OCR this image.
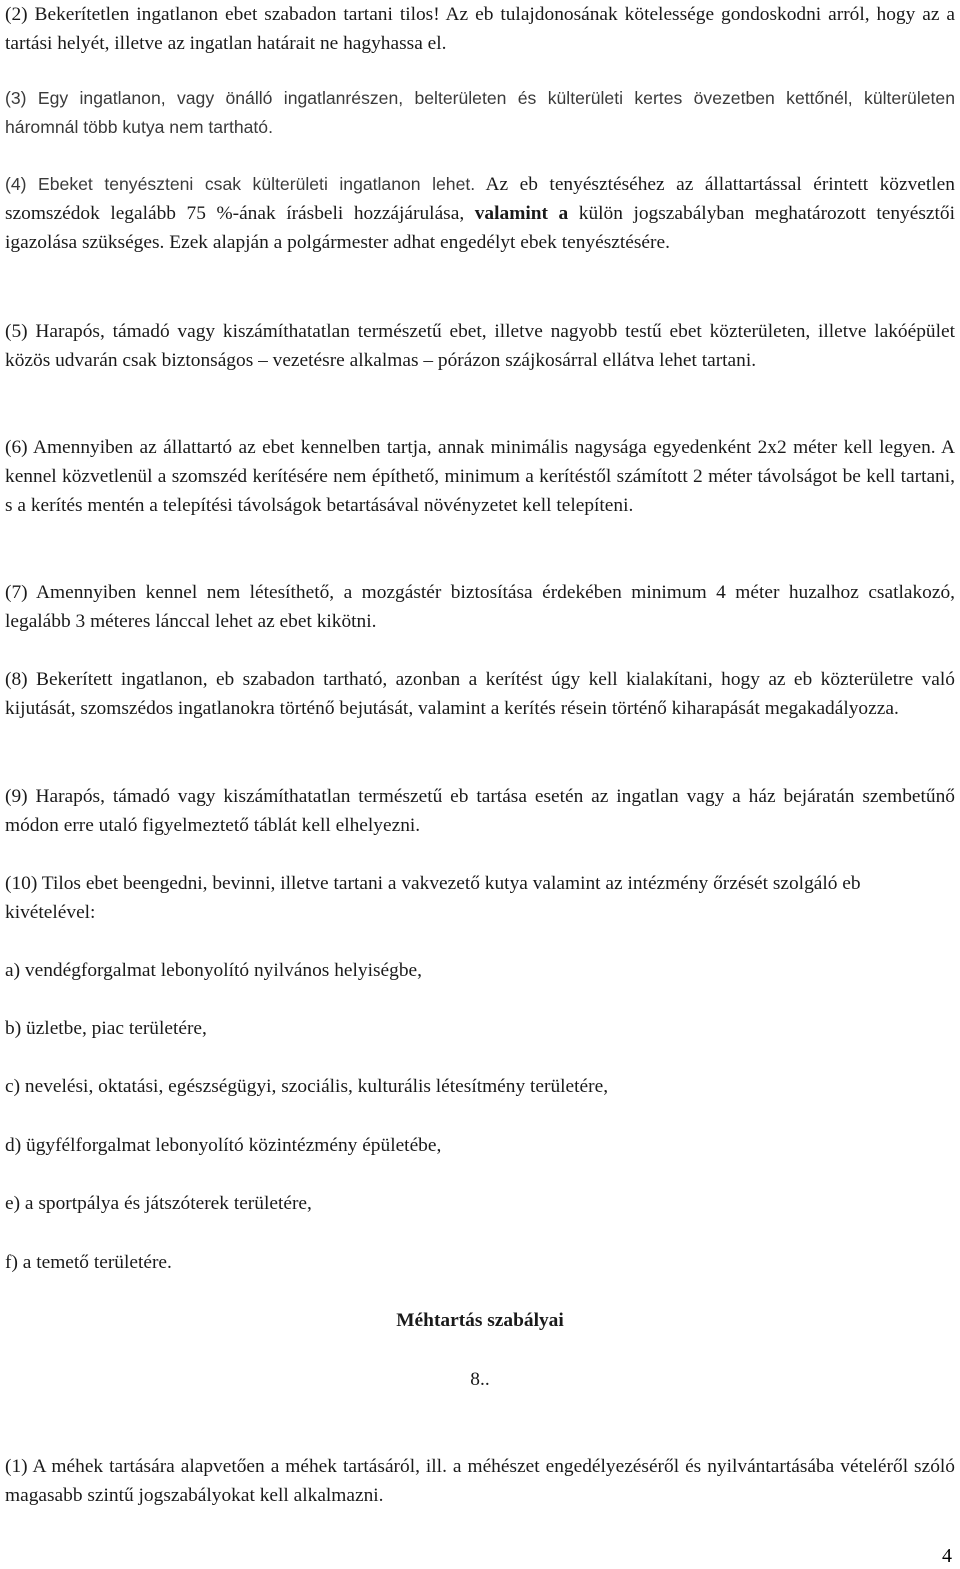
(2) Bekerítetlen ingatlanon ebet szabadon tartani tilos! Az eb tulajdonosának kötelessége gondoskodni arról, hogy az a tartási helyét, illetve az ingatlan határait ne hagyhassa el.

(3) Egy ingatlanon, vagy önálló ingatlanrészen, belterületen és külterületi kertes övezetben kettőnél, külterületen háromnál több kutya nem tartható.

(4) Ebeket tenyészteni csak külterületi ingatlanon lehet. Az eb tenyésztéséhez az állattartással érintett közvetlen szomszédok legalább 75 %-ának írásbeli hozzájárulása, valamint a külön jogszabályban meghatározott tenyésztői igazolása szükséges. Ezek alapján a polgármester adhat engedélyt ebek tenyésztésére.

(5) Harapós, támadó vagy kiszámíthatatlan természetű ebet, illetve nagyobb testű ebet közterületen, illetve lakóépület közös udvarán csak biztonságos – vezetésre alkalmas – pórázon szájkosárral ellátva lehet tartani.

(6) Amennyiben az állattartó az ebet kennelben tartja, annak minimális nagysága egyedenként 2x2 méter kell legyen. A kennel közvetlenül a szomszéd kerítésére nem építhető, minimum a kerítéstől számított 2 méter távolságot be kell tartani, s a kerítés mentén a telepítési távolságok betartásával növényzetet kell telepíteni.

(7) Amennyiben kennel nem létesíthető, a mozgástér biztosítása érdekében minimum 4 méter huzalhoz csatlakozó, legalább 3 méteres lánccal lehet az ebet kikötni.

(8) Bekerített ingatlanon, eb szabadon tartható, azonban a kerítést úgy kell kialakítani, hogy az eb közterületre való kijutását, szomszédos ingatlanokra történő bejutását, valamint a kerítés résein történő kiharapását megakadályozza.

(9) Harapós, támadó vagy kiszámíthatatlan természetű eb tartása esetén az ingatlan vagy a ház bejáratán szembetűnő módon erre utaló figyelmeztető táblát kell elhelyezni.

(10) Tilos ebet beengedni, bevinni, illetve tartani a vakvezető kutya valamint az intézmény őrzését szolgáló eb kivételével:

a) vendégforgalmat lebonyolító nyilvános helyiségbe,

b) üzletbe, piac területére,

c) nevelési, oktatási, egészségügyi, szociális, kulturális létesítmény területére,

d) ügyfélforgalmat lebonyolító közintézmény épületébe,

e) a sportpálya és játszóterek területére,

f) a temető területére.

Méhtartás szabályai

8..

(1) A méhek tartására alapvetően a méhek tartásáról, ill. a méhészet engedélyezéséről és nyilvántartásába vételéről szóló magasabb szintű jogszabályokat kell alkalmazni.

4
